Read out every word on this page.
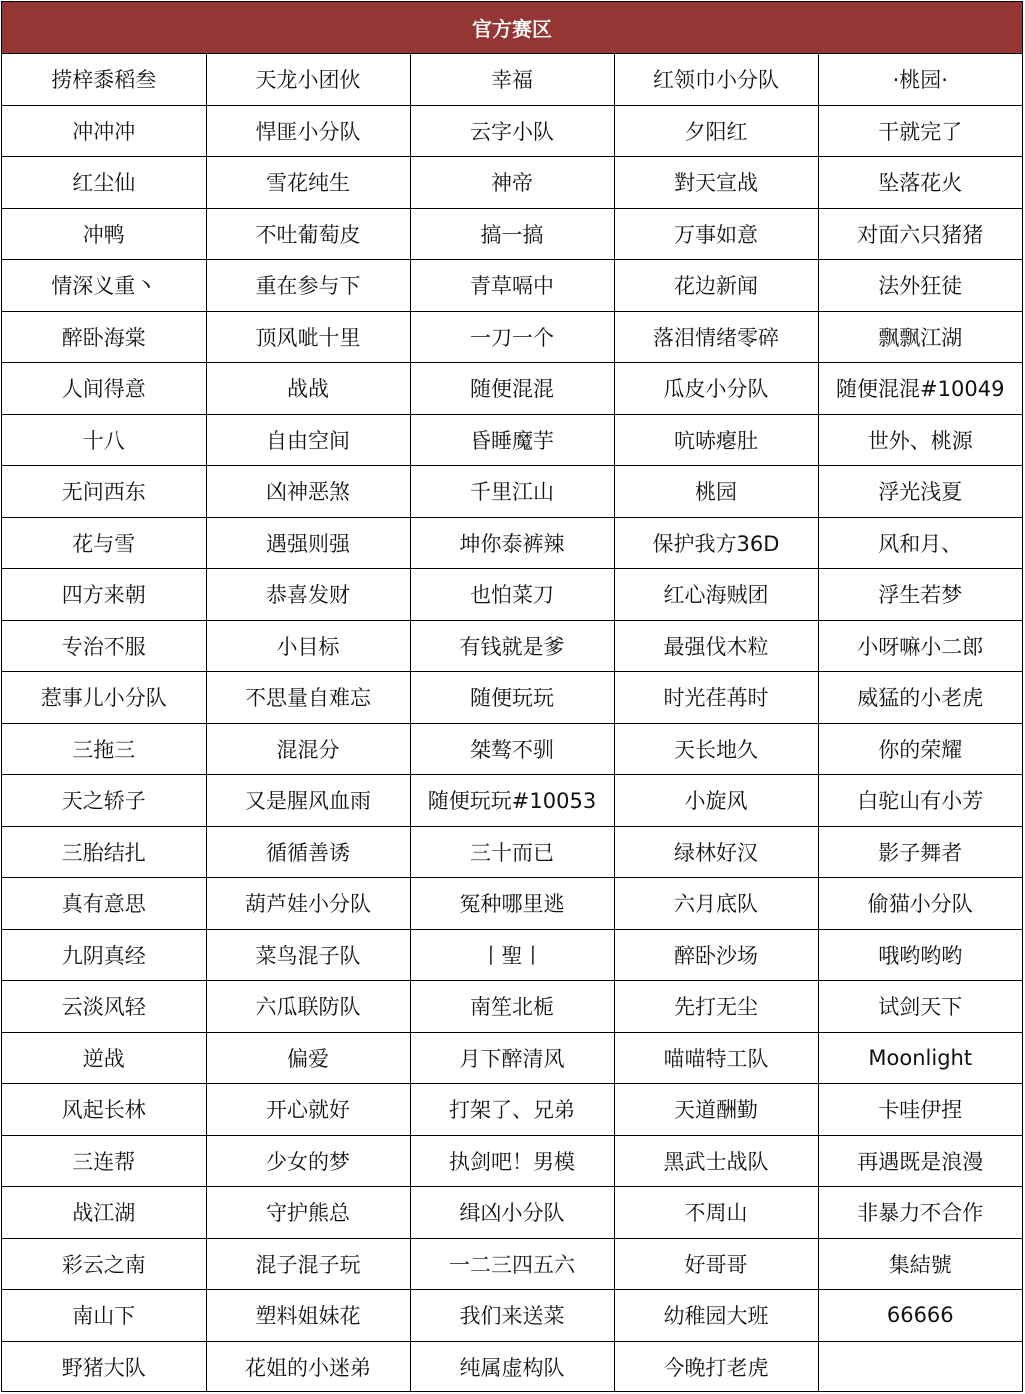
官方赛区
捞梓黍稻叁	天龙小团伙	幸福	红领巾小分队	·桃园·
冲冲冲	悍匪小分队	云字小队	夕阳红	干就完了
红尘仙	雪花纯生	神帝	對天宣战	坠落花火
冲鸭	不吐葡萄皮	搞一搞	万事如意	对面六只猪猪
情深义重丶	重在参与下	青草嗝中	花边新闻	法外狂徒
醉卧海棠	顶风呲十里	一刀一个	落泪情绪零碎	飘飘江湖
人间得意	战战	随便混混	瓜皮小分队	随便混混#10049
十八	自由空间	昏睡魔芋	吭哧瘪肚	世外、桃源
无问西东	凶神恶煞	千里江山	桃园	浮光浅夏
花与雪	遇强则强	坤你泰裤辣	保护我方36D	风和月、
四方来朝	恭喜发财	也怕菜刀	红心海贼团	浮生若梦
专治不服	小目标	有钱就是爹	最强伐木粒	小呀嘛小二郎
惹事儿小分队	不思量自难忘	随便玩玩	时光荏苒时	威猛的小老虎
三拖三	混混分	桀骜不驯	天长地久	你的荣耀
天之轿子	又是腥风血雨	随便玩玩#10053	小旋风	白驼山有小芳
三胎结扎	循循善诱	三十而已	绿林好汉	影子舞者
真有意思	葫芦娃小分队	冤种哪里逃	六月底队	偷猫小分队
九阴真经	菜鸟混子队	丨聖丨	醉卧沙场	哦哟哟哟
云淡风轻	六瓜联防队	南笙北栀	先打无尘	试剑天下
逆战	偏爱	月下醉清风	喵喵特工队	Moonlight
风起长林	开心就好	打架了、兄弟	天道酬勤	卡哇伊捏
三连帮	少女的梦	执剑吧！男模	黑武士战队	再遇既是浪漫
战江湖	守护熊总	缉凶小分队	不周山	非暴力不合作
彩云之南	混子混子玩	一二三四五六	好哥哥	集結號
南山下	塑料姐妹花	我们来送菜	幼稚园大班	66666
野猪大队	花姐的小迷弟	纯属虚构队	今晚打老虎	
